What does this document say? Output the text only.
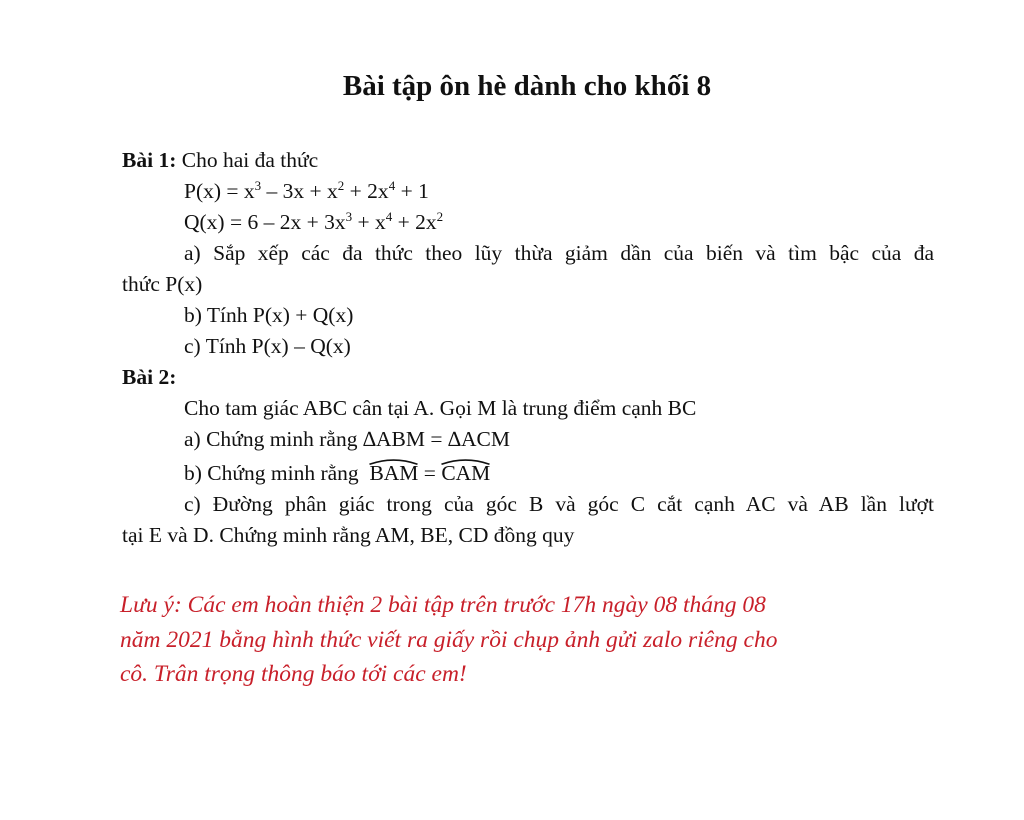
Bài tập ôn hè dành cho khối 8
Bài 1: Cho hai đa thức
$P(x) = x^3 - 3x + x^2 + 2x^4 + 1$
$Q(x) = 6 - 2x + 3x^3 + x^4 + 2x^2$
a) Sắp xếp các đa thức theo lũy thừa giảm dần của biến và tìm bậc của đa
thức P(x)
b) Tính P(x) + Q(x)
c) Tính P(x) – Q(x)
Bài 2:
Cho tam giác ABC cân tại A. Gọi M là trung điểm cạnh BC
a) Chứng minh rằng ∆ABM = ∆ACM
b) Chứng minh rằng BAM =
CAM
c) Đường phân giác trong của góc B và góc C cắt cạnh AC và AB lần lượt
tại E và D. Chứng minh rằng AM, BE, CD đồng quy
Lưu ý: Các em hoàn thiện 2 bài tập trên trước 17h ngày 08 tháng 08
năm 2021 bằng hình thức viết ra giấy rồi chụp ảnh gửi zalo riêng cho
cô. Trân trọng thông báo tới các em!
